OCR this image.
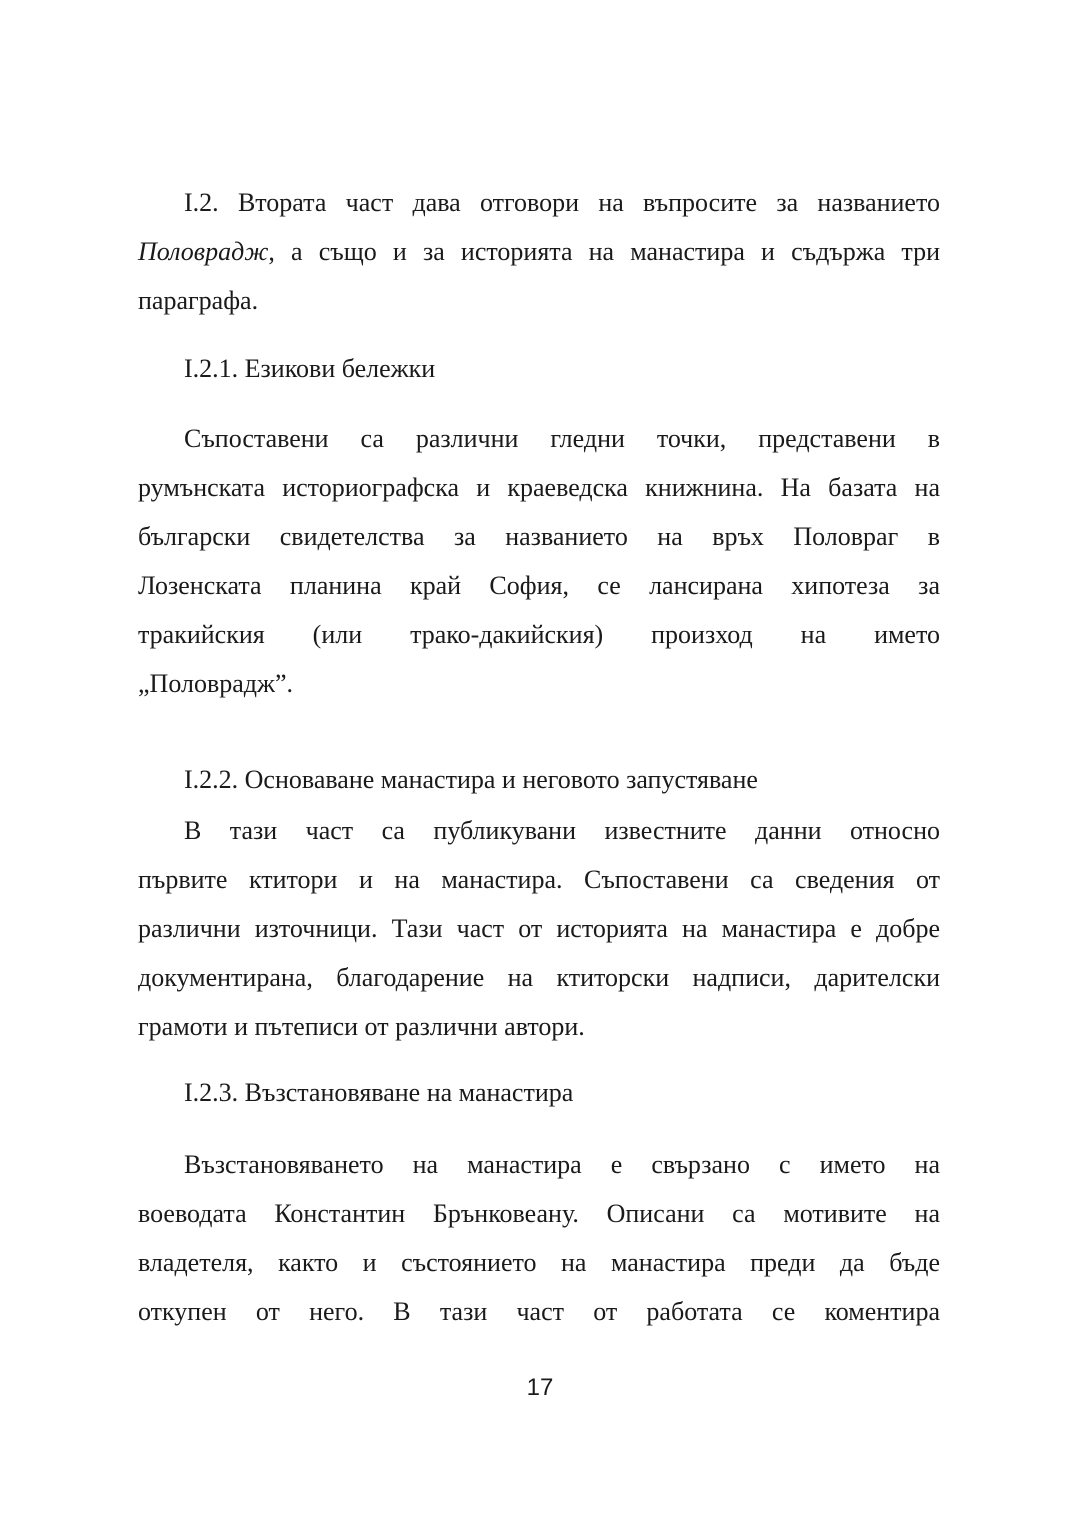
I.2. Втората част дава отговори на въпросите за названието
Половрадж, а също и за историята на манастира и съдържа три
параграфа.

I.2.1. Езикови бележки

Съпоставени са различни гледни точки, представени в
румънската историографска и краеведска книжнина. На базата на
български свидетелства за названието на връх Половраг в
Лозенската планина край София, се лансирана хипотеза за
тракийския (или трако-дакийския) произход на името
„Половрадж”.

I.2.2. Основаване манастира и неговото запустяване

В тази част са публикувани известните данни относно
първите ктитори и на манастира. Съпоставени са сведения от
различни източници. Тази част от историята на манастира е добре
документирана, благодарение на ктиторски надписи, дарителски
грамоти и пътеписи от различни автори.

I.2.3. Възстановяване на манастира

Възстановяването на манастира е свързано с името на
воеводата Константин Брънковеану. Описани са мотивите на
владетеля, както и състоянието на манастира преди да бъде
откупен от него. В тази част от работата се коментира

17
